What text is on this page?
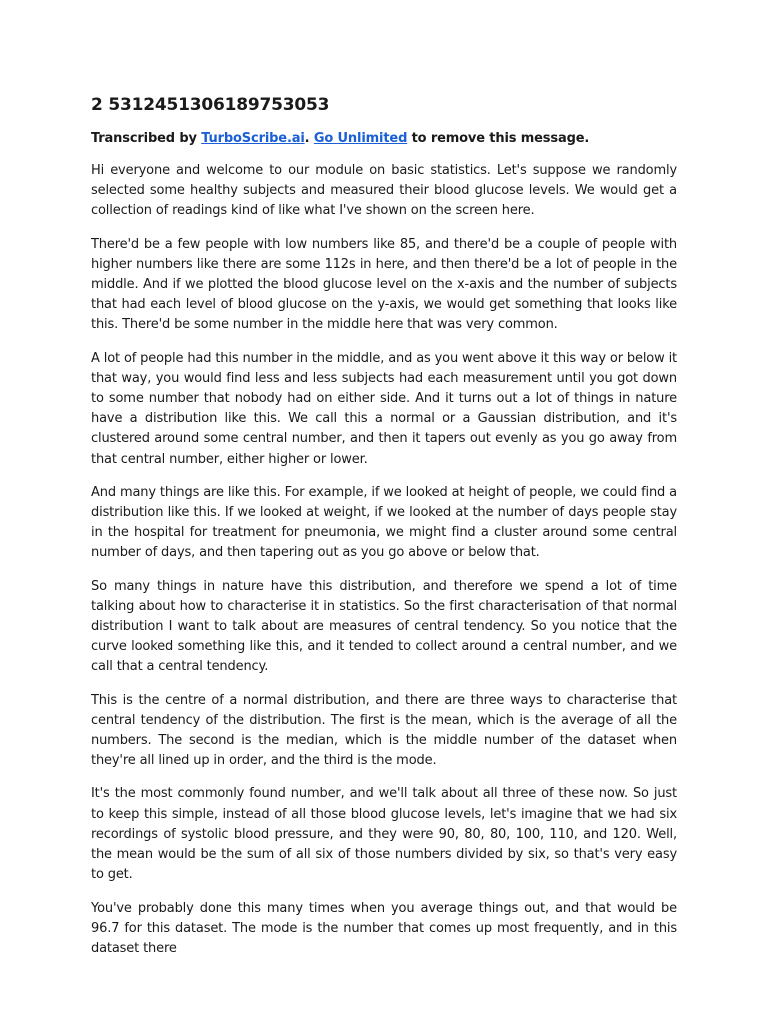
2 5312451306189753053
Transcribed by TurboScribe.ai. Go Unlimited to remove this message.

Hi everyone and welcome to our module on basic statistics. Let's suppose we randomly selected some healthy subjects and measured their blood glucose levels. We would get a collection of readings kind of like what I've shown on the screen here.

There'd be a few people with low numbers like 85, and there'd be a couple of people with higher numbers like there are some 112s in here, and then there'd be a lot of people in the middle. And if we plotted the blood glucose level on the x-axis and the number of subjects that had each level of blood glucose on the y-axis, we would get something that looks like this. There'd be some number in the middle here that was very common.

A lot of people had this number in the middle, and as you went above it this way or below it that way, you would find less and less subjects had each measurement until you got down to some number that nobody had on either side. And it turns out a lot of things in nature have a distribution like this. We call this a normal or a Gaussian distribution, and it's clustered around some central number, and then it tapers out evenly as you go away from that central number, either higher or lower.

And many things are like this. For example, if we looked at height of people, we could find a distribution like this. If we looked at weight, if we looked at the number of days people stay in the hospital for treatment for pneumonia, we might find a cluster around some central number of days, and then tapering out as you go above or below that.

So many things in nature have this distribution, and therefore we spend a lot of time talking about how to characterise it in statistics. So the first characterisation of that normal distribution I want to talk about are measures of central tendency. So you notice that the curve looked something like this, and it tended to collect around a central number, and we call that a central tendency.

This is the centre of a normal distribution, and there are three ways to characterise that central tendency of the distribution. The first is the mean, which is the average of all the numbers. The second is the median, which is the middle number of the dataset when they're all lined up in order, and the third is the mode.

It's the most commonly found number, and we'll talk about all three of these now. So just to keep this simple, instead of all those blood glucose levels, let's imagine that we had six recordings of systolic blood pressure, and they were 90, 80, 80, 100, 110, and 120. Well, the mean would be the sum of all six of those numbers divided by six, so that's very easy to get.

You've probably done this many times when you average things out, and that would be 96.7 for this dataset. The mode is the number that comes up most frequently, and in this dataset there
